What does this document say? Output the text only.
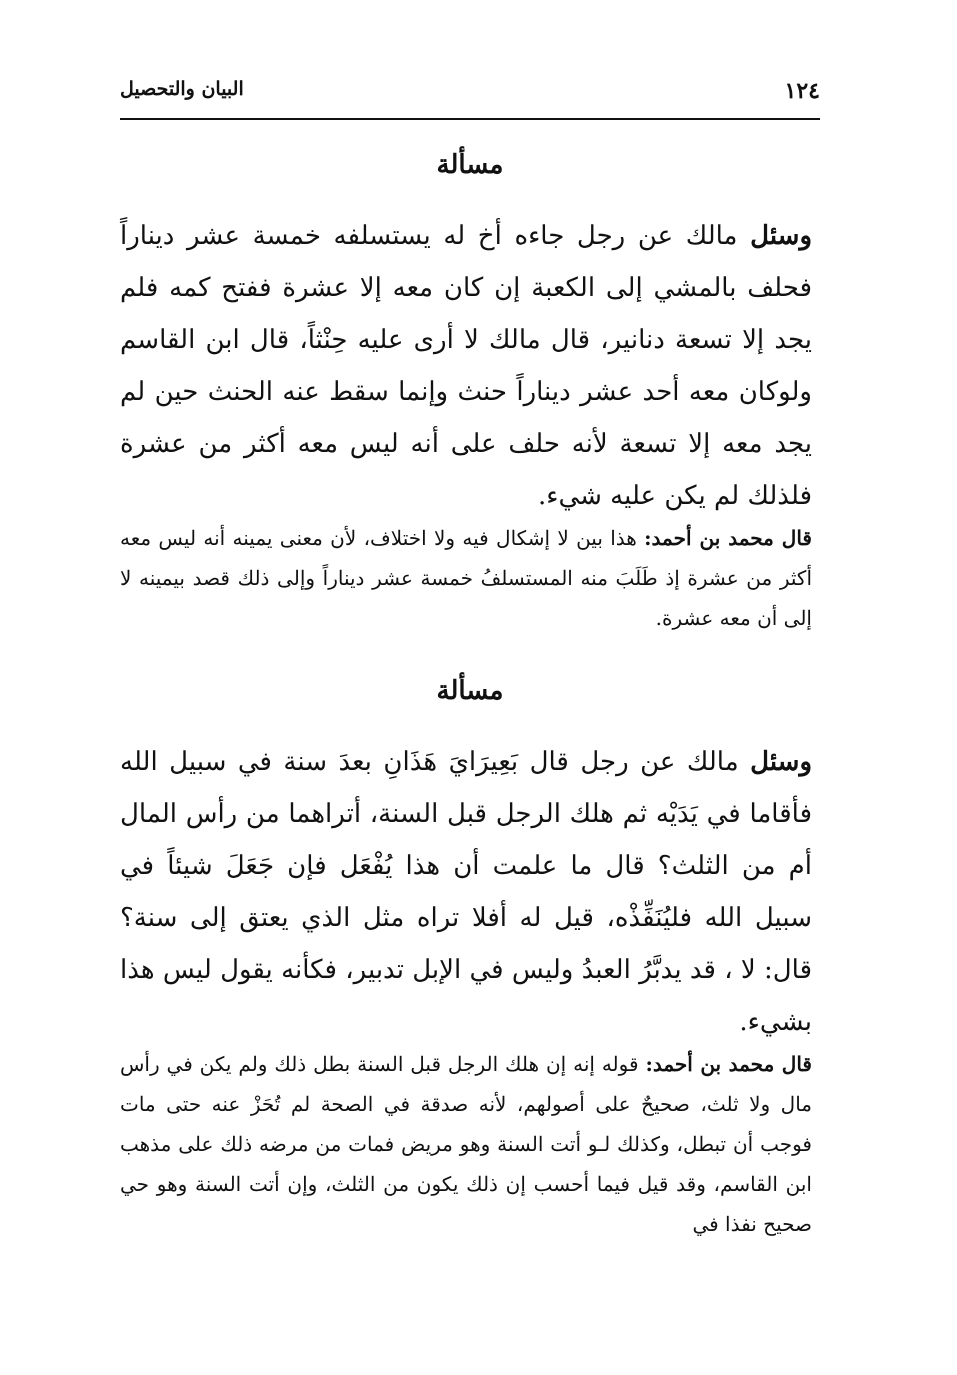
البيان والتحصيل	١٢٤
مسألة

وسئل مالك عن رجل جاءه أخ له يستسلفه خمسة عشر ديناراً فحلف بالمشي إلى الكعبة إن كان معه إلا عشرة ففتح كمه فلم يجد إلا تسعة دنانير، قال مالك لا أرى عليه حِنْثاً، قال ابن القاسم ولوكان معه أحد عشر ديناراً حنث وإنما سقط عنه الحنث حين لم يجد معه إلا تسعة لأنه حلف على أنه ليس معه أكثر من عشرة فلذلك لم يكن عليه شيء.

قال محمد بن أحمد: هذا بين لا إشكال فيه ولا اختلاف، لأن معنى يمينه أنه ليس معه أكثر من عشرة إذ طَلَبَ منه المستسلفُ خمسة عشر ديناراً وإلى ذلك قصد بيمينه لا إلى أن معه عشرة.

مسألة

وسئل مالك عن رجل قال بَعِيرَايَ هَذَانِ بعدَ سنة في سبيل الله فأقاما في يَدَيْه ثم هلك الرجل قبل السنة، أتراهما من رأس المال أم من الثلث؟ قال ما علمت أن هذا يُفْعَل فإن جَعَلَ شيئاً في سبيل الله فليُنَفِّذْه، قيل له أفلا تراه مثل الذي يعتق إلى سنة؟ قال: لا ، قد يدبَّرُ العبدُ وليس في الإبل تدبير، فكأنه يقول ليس هذا بشيء.

قال محمد بن أحمد: قوله إنه إن هلك الرجل قبل السنة بطل ذلك ولم يكن في رأس مال ولا ثلث، صحيحٌ على أصولهم، لأنه صدقة في الصحة لم تُحَزْ عنه حتى مات فوجب أن تبطل، وكذلك لـو أتت السنة وهو مريض فمات من مرضه ذلك على مذهب ابن القاسم، وقد قيل فيما أحسب إن ذلك يكون من الثلث، وإن أتت السنة وهو حي صحيح نفذا في
